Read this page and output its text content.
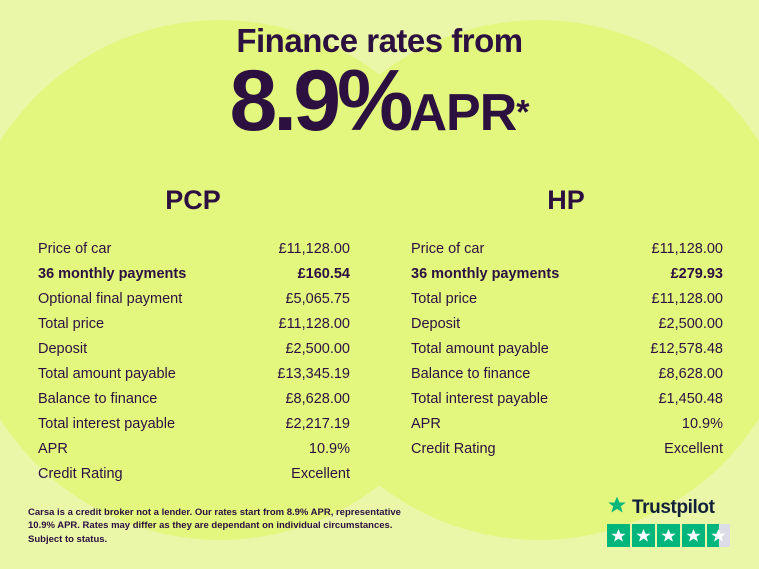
Finance rates from
8.9%APR*
PCP
Price of car	£11,128.00
36 monthly payments	£160.54
Optional final payment	£5,065.75
Total price	£11,128.00
Deposit	£2,500.00
Total amount payable	£13,345.19
Balance to finance	£8,628.00
Total interest payable	£2,217.19
APR	10.9%
Credit Rating	Excellent
HP
Price of car	£11,128.00
36 monthly payments	£279.93
Total price	£11,128.00
Deposit	£2,500.00
Total amount payable	£12,578.48
Balance to finance	£8,628.00
Total interest payable	£1,450.48
APR	10.9%
Credit Rating	Excellent
Carsa is a credit broker not a lender. Our rates start from 8.9% APR, representative 10.9% APR. Rates may differ as they are dependant on individual circumstances. Subject to status.
Trustpilot
